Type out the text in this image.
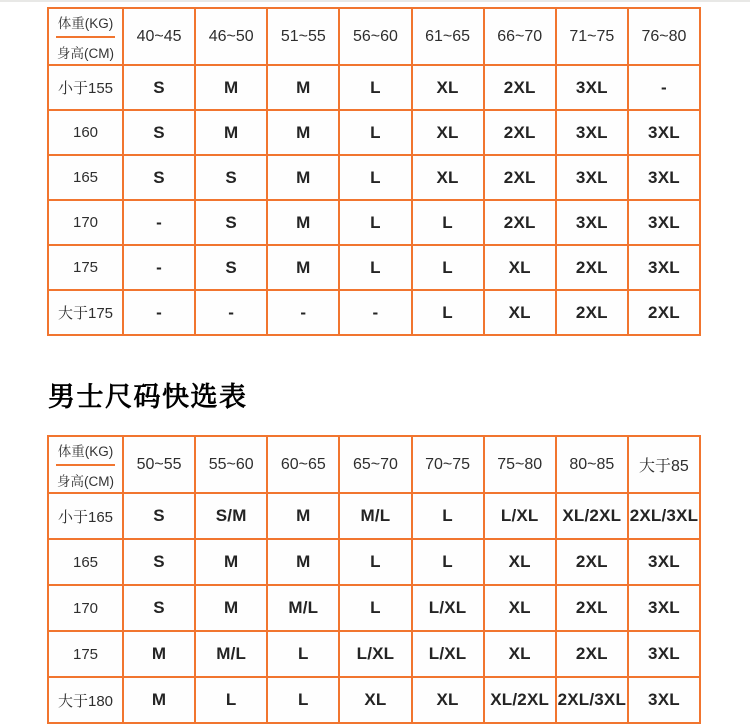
体重(KG)
身高(CM)	40~45	46~50	51~55	56~60	61~65	66~70	71~75	76~80
小于155	S	M	M	L	XL	2XL	3XL	-
160	S	M	M	L	XL	2XL	3XL	3XL
165	S	S	M	L	XL	2XL	3XL	3XL
170	-	S	M	L	L	2XL	3XL	3XL
175	-	S	M	L	L	XL	2XL	3XL
大于175	-	-	-	-	L	XL	2XL	2XL
男士尺码快选表
体重(KG)
身高(CM)	50~55	55~60	60~65	65~70	70~75	75~80	80~85	大于85
小于165	S	S/M	M	M/L	L	L/XL	XL/2XL	2XL/3XL
165	S	M	M	L	L	XL	2XL	3XL
170	S	M	M/L	L	L/XL	XL	2XL	3XL
175	M	M/L	L	L/XL	L/XL	XL	2XL	3XL
大于180	M	L	L	XL	XL	XL/2XL	2XL/3XL	3XL
